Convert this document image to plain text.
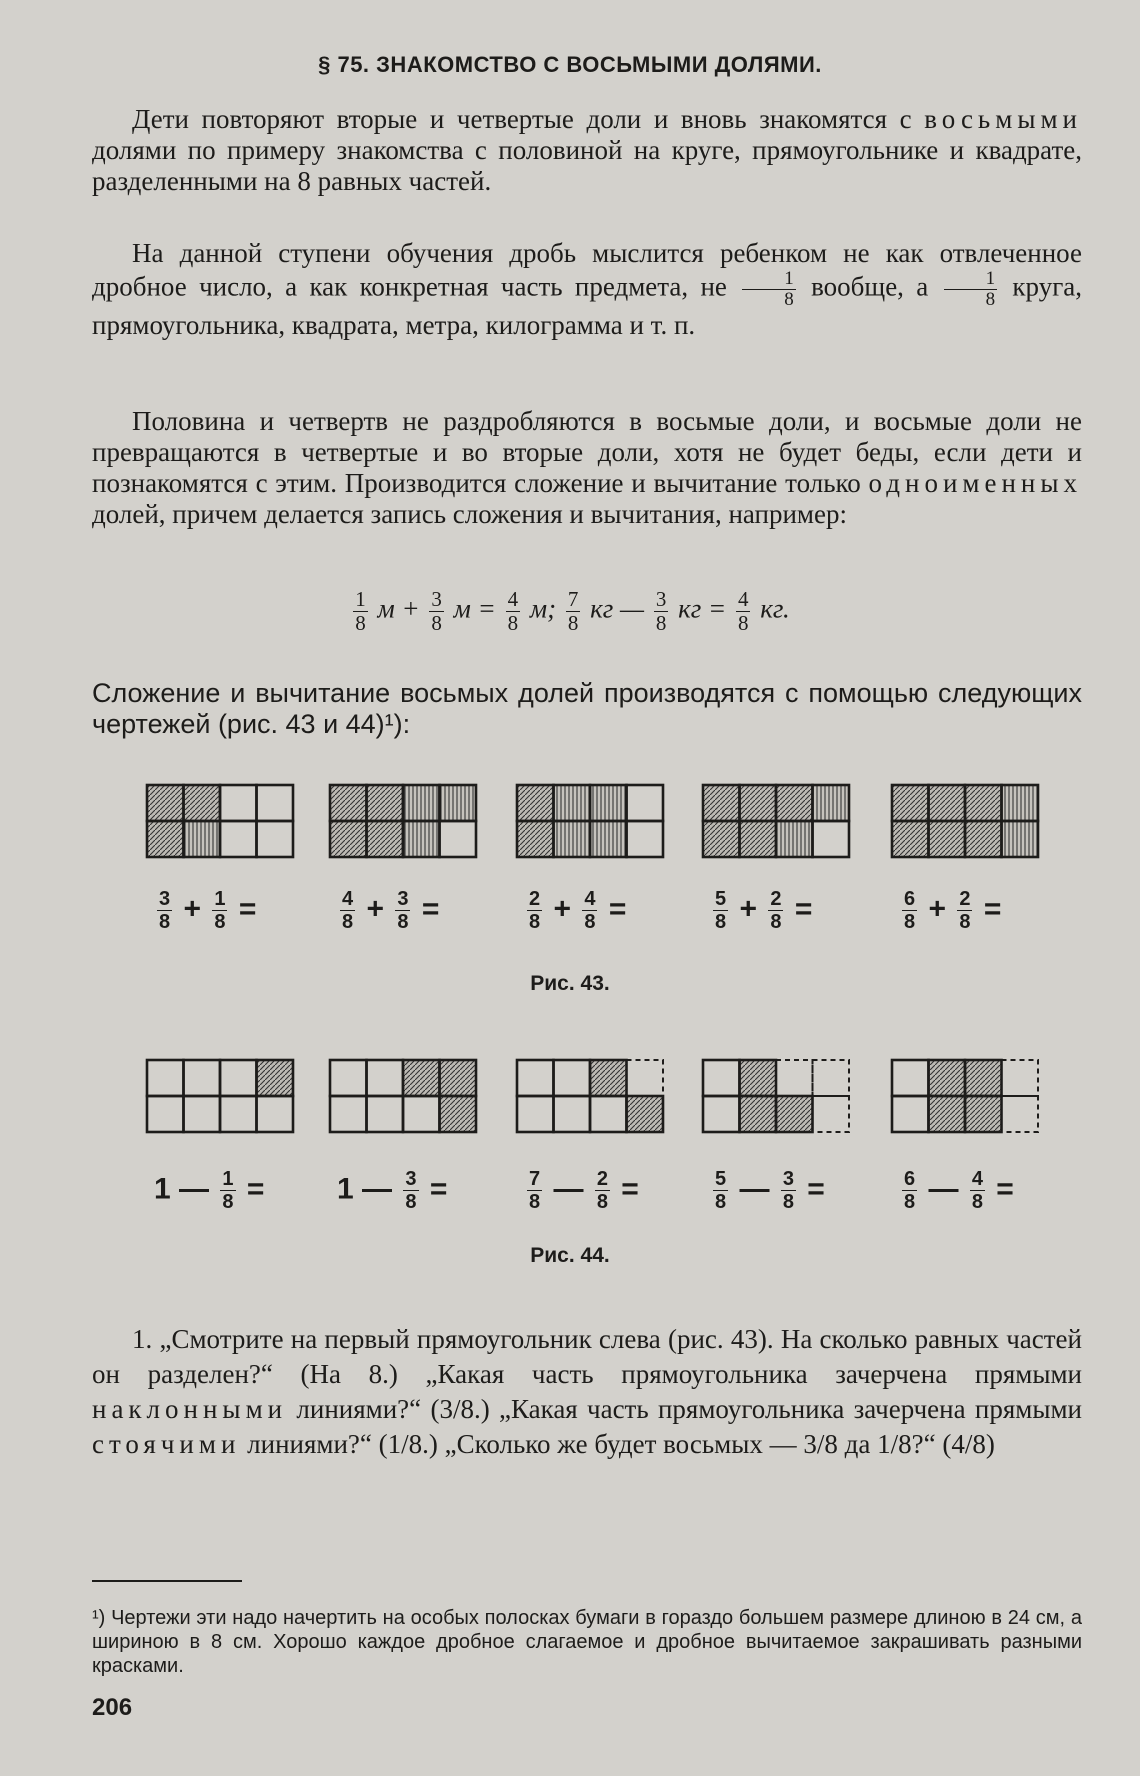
§ 75. ЗНАКОМСТВО С ВОСЬМЫМИ ДОЛЯМИ.

Дети повторяют вторые и четвертые доли и вновь знакомятся с восьмыми долями по примеру знакомства с половиной на круге, прямоугольнике и квадрате, разделенными на 8 равных частей.

На данной ступени обучения дробь мыслится ребенком не как отвлеченное дробное число, а как конкретная часть предмета, не $\frac{1}{8}$ вообще, а $\frac{1}{8}$ круга, прямоугольника, квадрата, метра, килограмма и т. п.

Половина и четвертв не раздробляются в восьмые доли, и восьмые доли не превращаются в четвертые и во вторые доли, хотя не будет беды, если дети и познакомятся с этим. Производится сложение и вычитание только одноименных долей, причем делается запись сложения и вычитания, например:

$\frac{1}{8}$ $м + \frac{3}{8}$ $м = \frac{4}{8} м$; $\frac{7}{8}$ кг — $\frac{3}{8}$ кг = $\frac{4}{8}$ кг.
Сложение и вычитание восьмых долей производятся с помощью следующих чертежей (рис. 43 и 44)¹):
$\frac{3}{8} + \frac{1}{8}$ =	$\frac{4}{8} + \frac{3}{8}$ =	$\frac{2}{8} + \frac{4}{8}$ =	$\frac{5}{8} + \frac{2}{8}$ =	$\frac{6}{8} + \frac{2}{8}$ =
Рис. 43.
1 — $\frac{1}{8} = 1$ — $\frac{3}{8}$ =	$\frac{7}{8}$ — $\frac{2}{8}$ =	$\frac{5}{8}$ — $\frac{3}{8}$ =	$\frac{6}{8}$ — $\frac{4}{8}$ =
Рис. 44.
1. „Смотрите на первый прямоугольник слева (рис. 43). На сколько равных частей он разделен?“ (На 8.) „Какая часть прямоугольника зачерчена прямыми наклонными линиями?“ (3/8.) „Какая часть прямоугольника зачерчена прямыми стоячими линиями?“ (1/8.) „Сколько же будет восьмых — 3/8 да 1/8?“ (4/8)
¹) Чертежи эти надо начертить на особых полосках бумаги в гораздо большем размере длиною в 24 см, а шириною в 8 см. Хорошо каждое дробное слагаемое и дробное вычитаемое закрашивать разными красками.
206
